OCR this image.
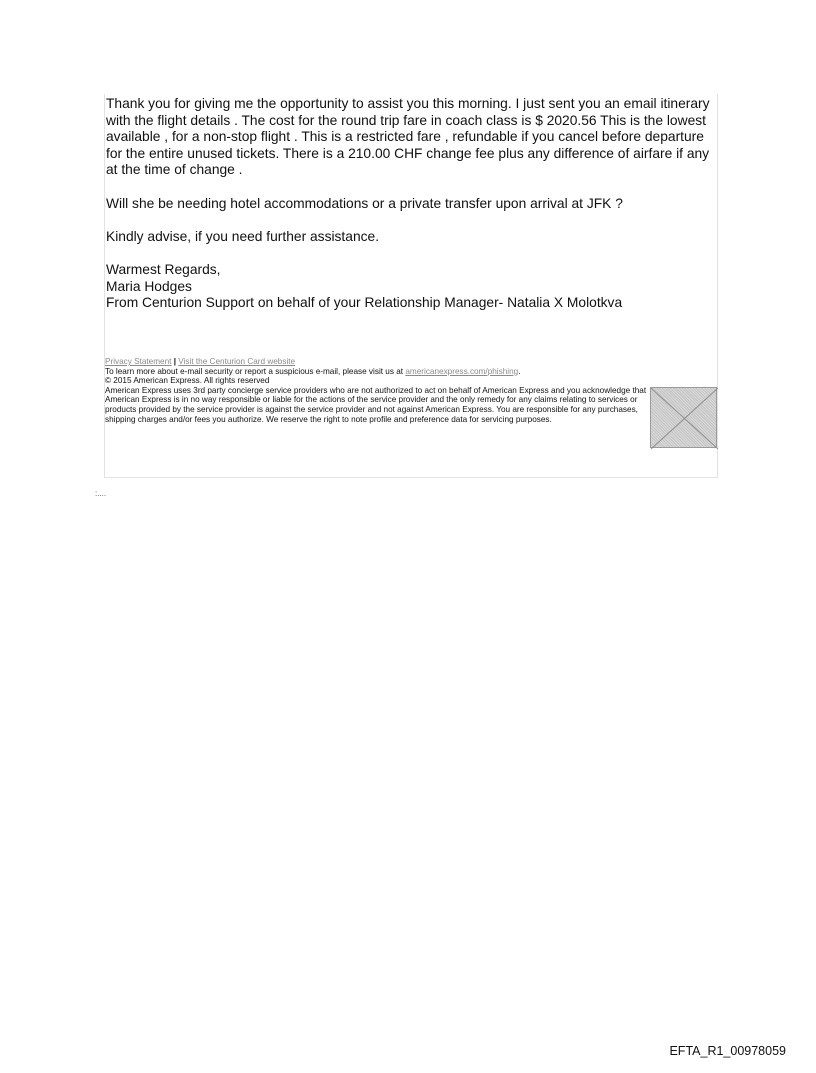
Thank you for giving me the opportunity to assist you this morning. I just sent you an email itinerary with the flight details . The cost for the round trip fare in coach class is $ 2020.56 This is the lowest available , for a non-stop flight . This is a restricted fare , refundable if you cancel before departure for the entire unused tickets. There is a 210.00 CHF change fee plus any difference of airfare if any at the time of change .

Will she be needing hotel accommodations or a private transfer upon arrival at JFK ?

Kindly advise, if you need further assistance.

Warmest Regards,
Maria Hodges
From Centurion Support on behalf of your Relationship Manager- Natalia X Molotkva
Privacy Statement | Visit the Centurion Card website
To learn more about e-mail security or report a suspicious e-mail, please visit us at americanexpress.com/phishing.
© 2015 American Express. All rights reserved

American Express uses 3rd party concierge service providers who are not authorized to act on behalf of American Express and you acknowledge that American Express is in no way responsible or liable for the actions of the service provider and the only remedy for any claims relating to services or products provided by the service provider is against the service provider and not against American Express. You are responsible for any purchases, shipping charges and/or fees you authorize. We reserve the right to note profile and preference data for servicing purposes.

:....
EFTA_R1_00978059
